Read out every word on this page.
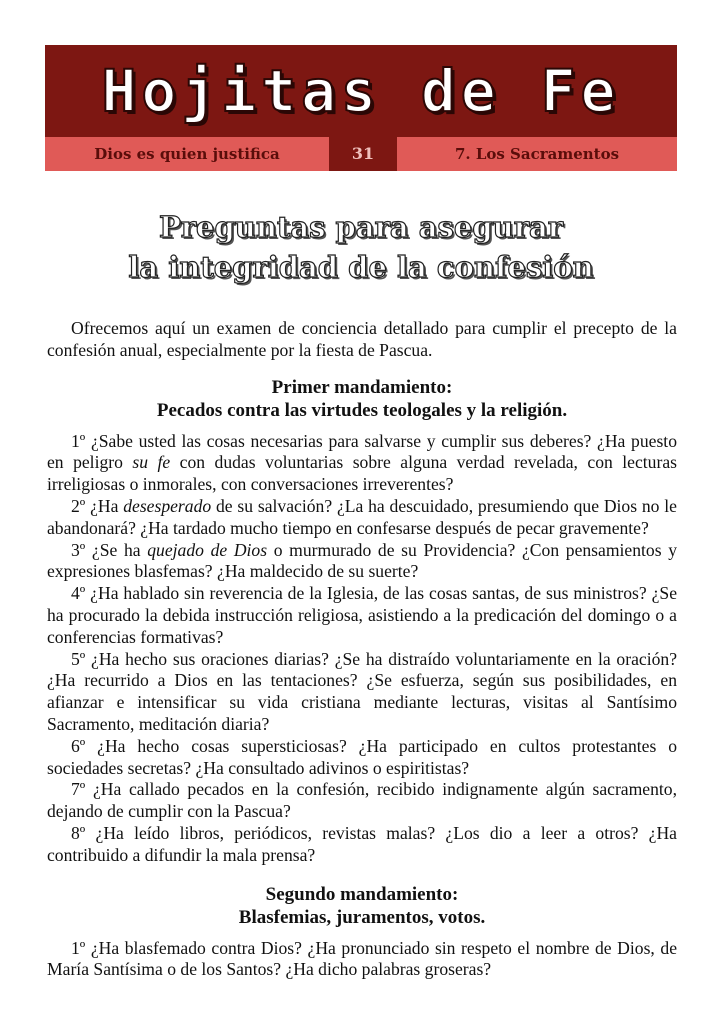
Hojitas de Fe
Dios es quien justifica	31	7. Los Sacramentos
Preguntas para asegurar
la integridad de la confesión

Ofrecemos aquí un examen de conciencia detallado para cumplir el precepto de la confesión anual, especialmente por la fiesta de Pascua.

Primer mandamiento:
Pecados contra las virtudes teologales y la religión.

1º ¿Sabe usted las cosas necesarias para salvarse y cumplir sus deberes? ¿Ha puesto en peligro su fe con dudas voluntarias sobre alguna verdad revelada, con lecturas irreligiosas o inmorales, con conversaciones irreverentes?

2º ¿Ha desesperado de su salvación? ¿La ha descuidado, presumiendo que Dios no le abandonará? ¿Ha tardado mucho tiempo en confesarse después de pecar gravemente?

3º ¿Se ha quejado de Dios o murmurado de su Providencia? ¿Con pensamientos y expresiones blasfemas? ¿Ha maldecido de su suerte?

4º ¿Ha hablado sin reverencia de la Iglesia, de las cosas santas, de sus ministros? ¿Se ha procurado la debida instrucción religiosa, asistiendo a la predicación del domingo o a conferencias formativas?

5º ¿Ha hecho sus oraciones diarias? ¿Se ha distraído voluntariamente en la oración? ¿Ha recurrido a Dios en las tentaciones? ¿Se esfuerza, según sus posibilidades, en afianzar e intensificar su vida cristiana mediante lecturas, visitas al Santísimo Sacramento, meditación diaria?

6º ¿Ha hecho cosas supersticiosas? ¿Ha participado en cultos protestantes o sociedades secretas? ¿Ha consultado adivinos o espiritistas?

7º ¿Ha callado pecados en la confesión, recibido indignamente algún sacramento, dejando de cumplir con la Pascua?

8º ¿Ha leído libros, periódicos, revistas malas? ¿Los dio a leer a otros? ¿Ha contribuido a difundir la mala prensa?

Segundo mandamiento:
Blasfemias, juramentos, votos.

1º ¿Ha blasfemado contra Dios? ¿Ha pronunciado sin respeto el nombre de Dios, de María Santísima o de los Santos? ¿Ha dicho palabras groseras?
